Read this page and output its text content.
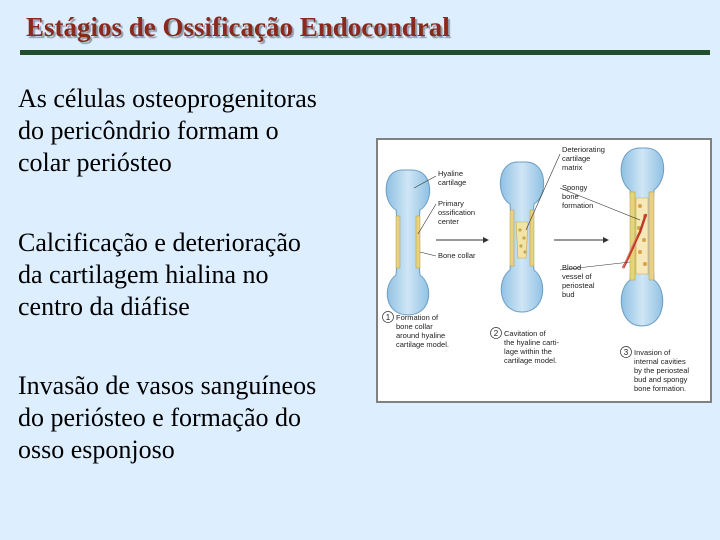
Estágios de Ossificação Endocondral
As células osteoprogenitoras
do pericôndrio formam o
colar periósteo
Calcificação e deterioração
da cartilagem hialina no
centro da diáfise
Invasão de vasos sanguíneos
do periósteo e formação do
osso esponjoso
Hyaline cartilage
Primary ossification center
Bone collar
Deteriorating cartilage matrix
Spongy bone formation
Blood vessel of periosteal bud
1 Formation of bone collar around hyaline cartilage model.
2 Cavitation of the hyaline carti- lage within the cartilage model.
3 Invasion of internal cavities by the periosteal bud and spongy bone formation.
